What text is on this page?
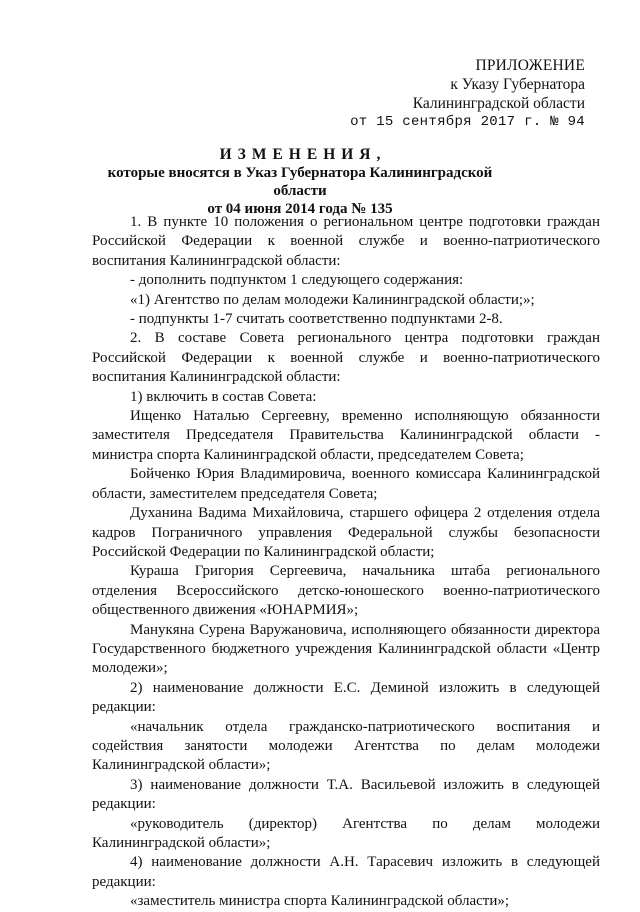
ПРИЛОЖЕНИЕ
к Указу Губернатора
Калининградской области
от 15 сентября 2017 г. № 94
ИЗМЕНЕНИЯ,
которые вносятся в Указ Губернатора Калининградской области
от 04 июня 2014 года № 135

1. В пункте 10 положения о региональном центре подготовки граждан Российской Федерации к военной службе и военно-патриотического воспитания Калининградской области:

- дополнить подпунктом 1 следующего содержания:

«1) Агентство по делам молодежи Калининградской области;»;

- подпункты 1-7 считать соответственно подпунктами 2-8.

2. В составе Совета регионального центра подготовки граждан Российской Федерации к военной службе и военно-патриотического воспитания Калининградской области:

1) включить в состав Совета:

Ищенко Наталью Сергеевну, временно исполняющую обязанности заместителя Председателя Правительства Калининградской области - министра спорта Калининградской области, председателем Совета;

Бойченко Юрия Владимировича, военного комиссара Калининградской области, заместителем председателя Совета;

Духанина Вадима Михайловича, старшего офицера 2 отделения отдела кадров Пограничного управления Федеральной службы безопасности Российской Федерации по Калининградской области;

Кураша Григория Сергеевича, начальника штаба регионального отделения Всероссийского детско-юношеского военно-патриотического общественного движения «ЮНАРМИЯ»;

Манукяна Сурена Варужановича, исполняющего обязанности директора Государственного бюджетного учреждения Калининградской области «Центр молодежи»;

2) наименование должности Е.С. Деминой изложить в следующей редакции:

«начальник отдела гражданско-патриотического воспитания и содействия занятости молодежи Агентства по делам молодежи Калининградской области»;

3) наименование должности Т.А. Васильевой изложить в следующей редакции:

«руководитель (директор) Агентства по делам молодежи Калининградской области»;

4) наименование должности А.Н. Тарасевич изложить в следующей редакции:

«заместитель министра спорта Калининградской области»;
